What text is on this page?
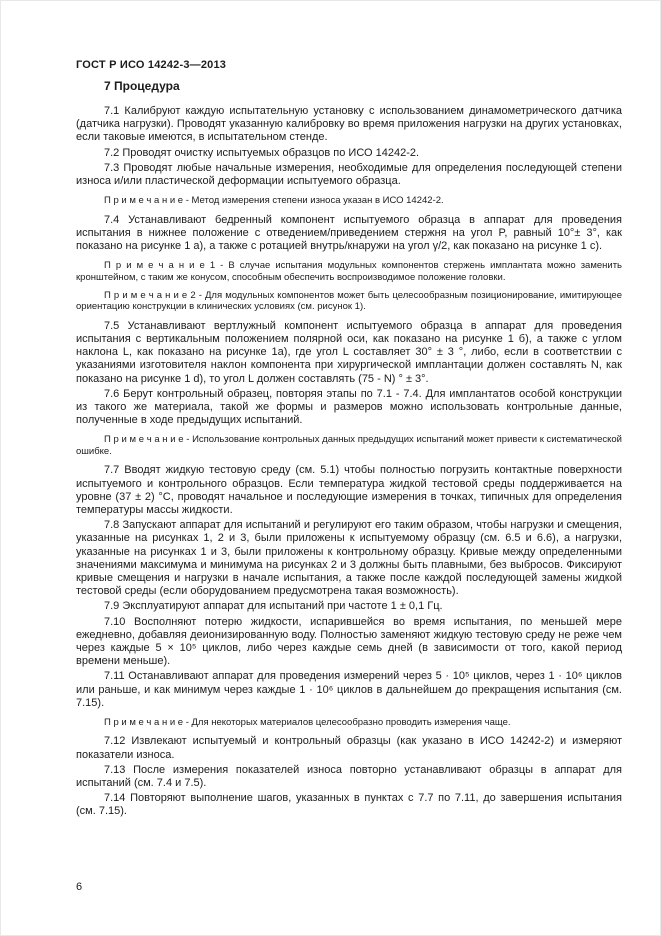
ГОСТ Р ИСО 14242-3—2013
7 Процедура

7.1 Калибруют каждую испытательную установку с использованием динамометрического датчика (датчика нагрузки). Проводят указанную калибровку во время приложения нагрузки на других установках, если таковые имеются, в испытательном стенде.

7.2 Проводят очистку испытуемых образцов по ИСО 14242-2.

7.3 Проводят любые начальные измерения, необходимые для определения последующей степени износа и/или пластической деформации испытуемого образца.

П р и м е ч а н и е - Метод измерения степени износа указан в ИСО 14242-2.

7.4 Устанавливают бедренный компонент испытуемого образца в аппарат для проведения испытания в нижнее положение с отведением/приведением стержня на угол P, равный 10°± 3°, как показано на рисунке 1 а), а также с ротацией внутрь/кнаружи на угол γ/2, как показано на рисунке 1 с).

П р и м е ч а н и е 1 - В случае испытания модульных компонентов стержень имплантата можно заменить кронштейном, с таким же конусом, способным обеспечить воспроизводимое положение головки.

П р и м е ч а н и е 2 - Для модульных компонентов может быть целесообразным позиционирование, имитирующее ориентацию конструкции в клинических условиях (см. рисунок 1).

7.5 Устанавливают вертлужный компонент испытуемого образца в аппарат для проведения испытания с вертикальным положением полярной оси, как показано на рисунке 1 б), а также с углом наклона L, как показано на рисунке 1а), где угол L составляет 30° ± 3 °, либо, если в соответствии с указаниями изготовителя наклон компонента при хирургической имплантации должен составлять N, как показано на рисунке 1 d), то угол L должен составлять (75 - N) ° ± 3°.

7.6 Берут контрольный образец, повторяя этапы по 7.1 - 7.4. Для имплантатов особой конструкции из такого же материала, такой же формы и размеров можно использовать контрольные данные, полученные в ходе предыдущих испытаний.

П р и м е ч а н и е - Использование контрольных данных предыдущих испытаний может привести к систематической ошибке.

7.7 Вводят жидкую тестовую среду (см. 5.1) чтобы полностью погрузить контактные поверхности испытуемого и контрольного образцов. Если температура жидкой тестовой среды поддерживается на уровне (37 ± 2) °С, проводят начальное и последующие измерения в точках, типичных для определения температуры массы жидкости.

7.8 Запускают аппарат для испытаний и регулируют его таким образом, чтобы нагрузки и смещения, указанные на рисунках 1, 2 и 3, были приложены к испытуемому образцу (см. 6.5 и 6.6), а нагрузки, указанные на рисунках 1 и 3, были приложены к контрольному образцу. Кривые между определенными значениями максимума и минимума на рисунках 2 и 3 должны быть плавными, без выбросов. Фиксируют кривые смещения и нагрузки в начале испытания, а также после каждой последующей замены жидкой тестовой среды (если оборудованием предусмотрена такая возможность).

7.9 Эксплуатируют аппарат для испытаний при частоте 1 ± 0,1 Гц.

7.10 Восполняют потерю жидкости, испарившейся во время испытания, по меньшей мере ежедневно, добавляя деионизированную воду. Полностью заменяют жидкую тестовую среду не реже чем через каждые 5 × 10⁵ циклов, либо через каждые семь дней (в зависимости от того, какой период времени меньше).

7.11 Останавливают аппарат для проведения измерений через 5 · 10⁵ циклов, через 1 · 10⁶ циклов или раньше, и как минимум через каждые 1 · 10⁶ циклов в дальнейшем до прекращения испытания (см. 7.15).

П р и м е ч а н и е - Для некоторых материалов целесообразно проводить измерения чаще.

7.12 Извлекают испытуемый и контрольный образцы (как указано в ИСО 14242-2) и измеряют показатели износа.

7.13 После измерения показателей износа повторно устанавливают образцы в аппарат для испытаний (см. 7.4 и 7.5).

7.14 Повторяют выполнение шагов, указанных в пунктах с 7.7 по 7.11, до завершения испытания (см. 7.15).

6
